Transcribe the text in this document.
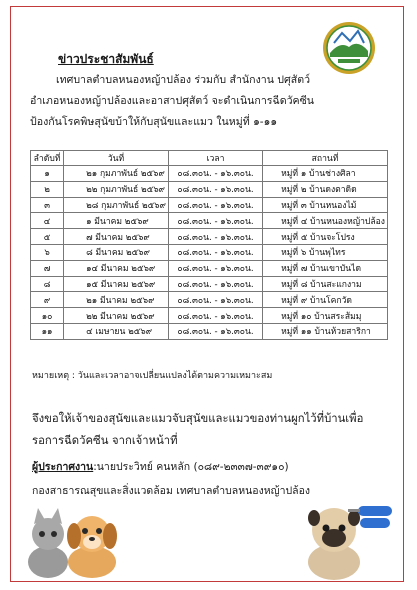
ข่าวประชาสัมพันธ์
เทศบาลตำบลหนองหญ้าปล้อง ร่วมกับ สำนักงาน ปศุสัตว์
อำเภอหนองหญ้าปล้องและอาสาปศุสัตว์ จะดำเนินการฉีดวัคซีน
ป้องกันโรคพิษสุนัขบ้าให้กับสุนัขและแมว ในหมู่ที่ ๑-๑๑
ลำดับที่	วันที่	เวลา	สถานที่
๑	๒๑ กุมภาพันธ์ ๒๕๖๙	๐๘.๓๐น. - ๑๖.๓๐น.	หมู่ที่ ๑ บ้านช่างศิลา
๒	๒๒ กุมภาพันธ์ ๒๕๖๙	๐๘.๓๐น. - ๑๖.๓๐น.	หมู่ที่ ๒ บ้านดงตาดิด
๓	๒๘ กุมภาพันธ์ ๒๕๖๙	๐๘.๓๐น. - ๑๖.๓๐น.	หมู่ที่ ๓ บ้านหนองไม้
๔	๑ มีนาคม ๒๕๖๙	๐๘.๓๐น. - ๑๖.๓๐น.	หมู่ที่ ๔ บ้านหนองหญ้าปล้อง
๕	๗ มีนาคม ๒๕๖๙	๐๘.๓๐น. - ๑๖.๓๐น.	หมู่ที่ ๕ บ้านจะโปรง
๖	๘ มีนาคม ๒๕๖๙	๐๘.๓๐น. - ๑๖.๓๐น.	หมู่ที่ ๖ บ้านพุไทร
๗	๑๔ มีนาคม ๒๕๖๙	๐๘.๓๐น. - ๑๖.๓๐น.	หมู่ที่ ๗ บ้านเขาบันได
๘	๑๕ มีนาคม ๒๕๖๙	๐๘.๓๐น. - ๑๖.๓๐น.	หมู่ที่ ๘ บ้านสะแกงาม
๙	๒๑ มีนาคม ๒๕๖๙	๐๘.๓๐น. - ๑๖.๓๐น.	หมู่ที่ ๙ บ้านโคกวัด
๑๐	๒๒ มีนาคม ๒๕๖๙	๐๘.๓๐น. - ๑๖.๓๐น.	หมู่ที่ ๑๐ บ้านสระส้มมุ
๑๑	๔ เมษายน ๒๕๖๙	๐๘.๓๐น. - ๑๖.๓๐น.	หมู่ที่ ๑๑ บ้านห้วยสาริกา
หมายเหตุ : วันและเวลาอาจเปลี่ยนแปลงได้ตามความเหมาะสม
จึงขอให้เจ้าของสุนัขและแมวจับสุนัขและแมวของท่านผูกไว้ที่บ้านเพื่อ
รอการฉีดวัคซีน จากเจ้าหน้าที่
ผู้ประกาศงาน:นายประวิทย์ คนหลัก (๐๘๙-๒๓๓๗-๓๙๑๐)
กองสาธารณสุขและสิ่งแวดล้อม เทศบาลตำบลหนองหญ้าปล้อง
